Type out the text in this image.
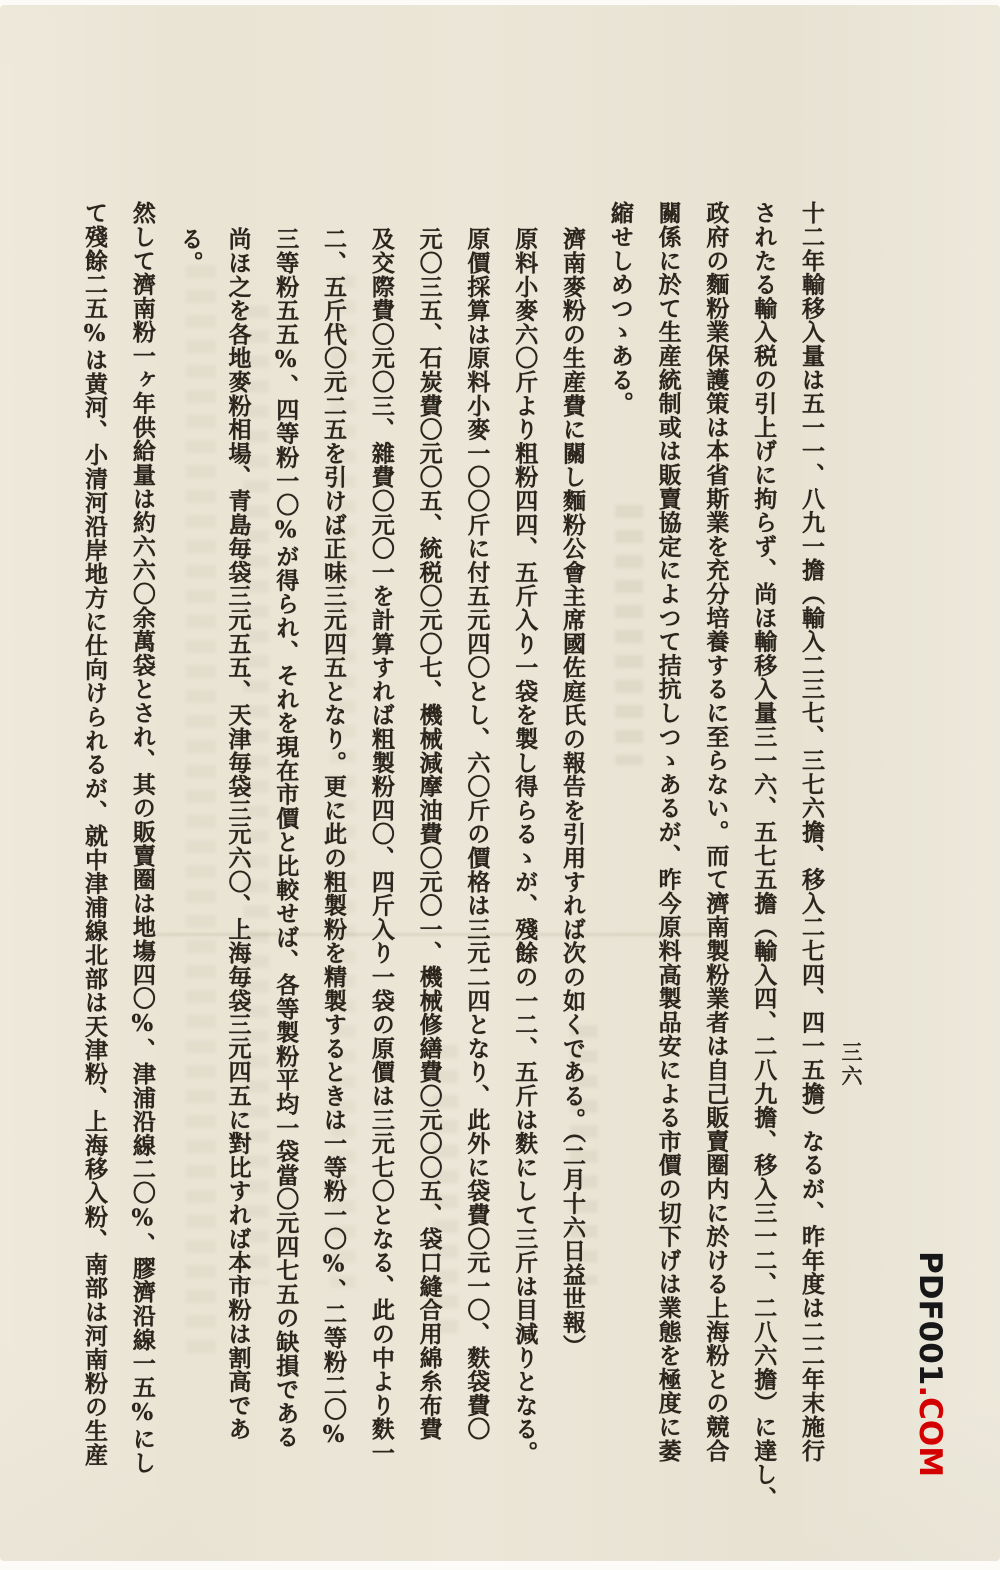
十二年輸移入量は五一一、八九一擔（輸入二三七、三七六擔、移入二七四、四一五擔）なるが、昨年度は二二年末施行
されたる輸入税の引上げに拘らず、尚ほ輸移入量三一六、五七五擔（輸入四、二八九擔、移入三一二、二八六擔）に達し、
政府の麵粉業保護策は本省斯業を充分培養するに至らない。而て濟南製粉業者は自己販賣圈内に於ける上海粉との競合
關係に於て生産統制或は販賣協定によつて拮抗しつゝあるが、昨今原料高製品安による市價の切下げは業態を極度に萎
縮せしめつゝある。
濟南麥粉の生産費に關し麵粉公會主席國佐庭氏の報告を引用すれば次の如くである。（二月十六日益世報）
原料小麥六〇斤より粗粉四四、五斤入り一袋を製し得らるゝが、殘餘の一二、五斤は麩にして三斤は目減りとなる。
原價採算は原料小麥一〇〇斤に付五元四〇とし、六〇斤の價格は三元二四となり、此外に袋費〇元一〇、麩袋費〇
元〇三五、石炭費〇元〇五、統税〇元〇七、機械減摩油費〇元〇一、機械修繕費〇元〇〇五、袋口縫合用綿糸布費
及交際費〇元〇三、雜費〇元〇一を計算すれば粗製粉四〇、四斤入り一袋の原價は三元七〇となる、此の中より麩一
二、五斤代〇元二五を引けば正味三元四五となり。更に此の粗製粉を精製するときは一等粉一〇%、二等粉二〇%
三等粉五五%、四等粉一〇%が得られ、それを現在市價と比較せば、各等製粉平均一袋當〇元四七五の缺損である
尚ほ之を各地麥粉相場、青島毎袋三元五五、天津毎袋三元六〇、上海毎袋三元四五に對比すれば本市粉は割高であ
る。
然して濟南粉一ヶ年供給量は約六六〇余萬袋とされ、其の販賣圈は地塲四〇%、津浦沿線二〇%、膠濟沿線一五%にし
て殘餘二五%は黄河、小清河沿岸地方に仕向けられるが、就中津浦線北部は天津粉、上海移入粉、南部は河南粉の生産	三六
PDF001.COM
